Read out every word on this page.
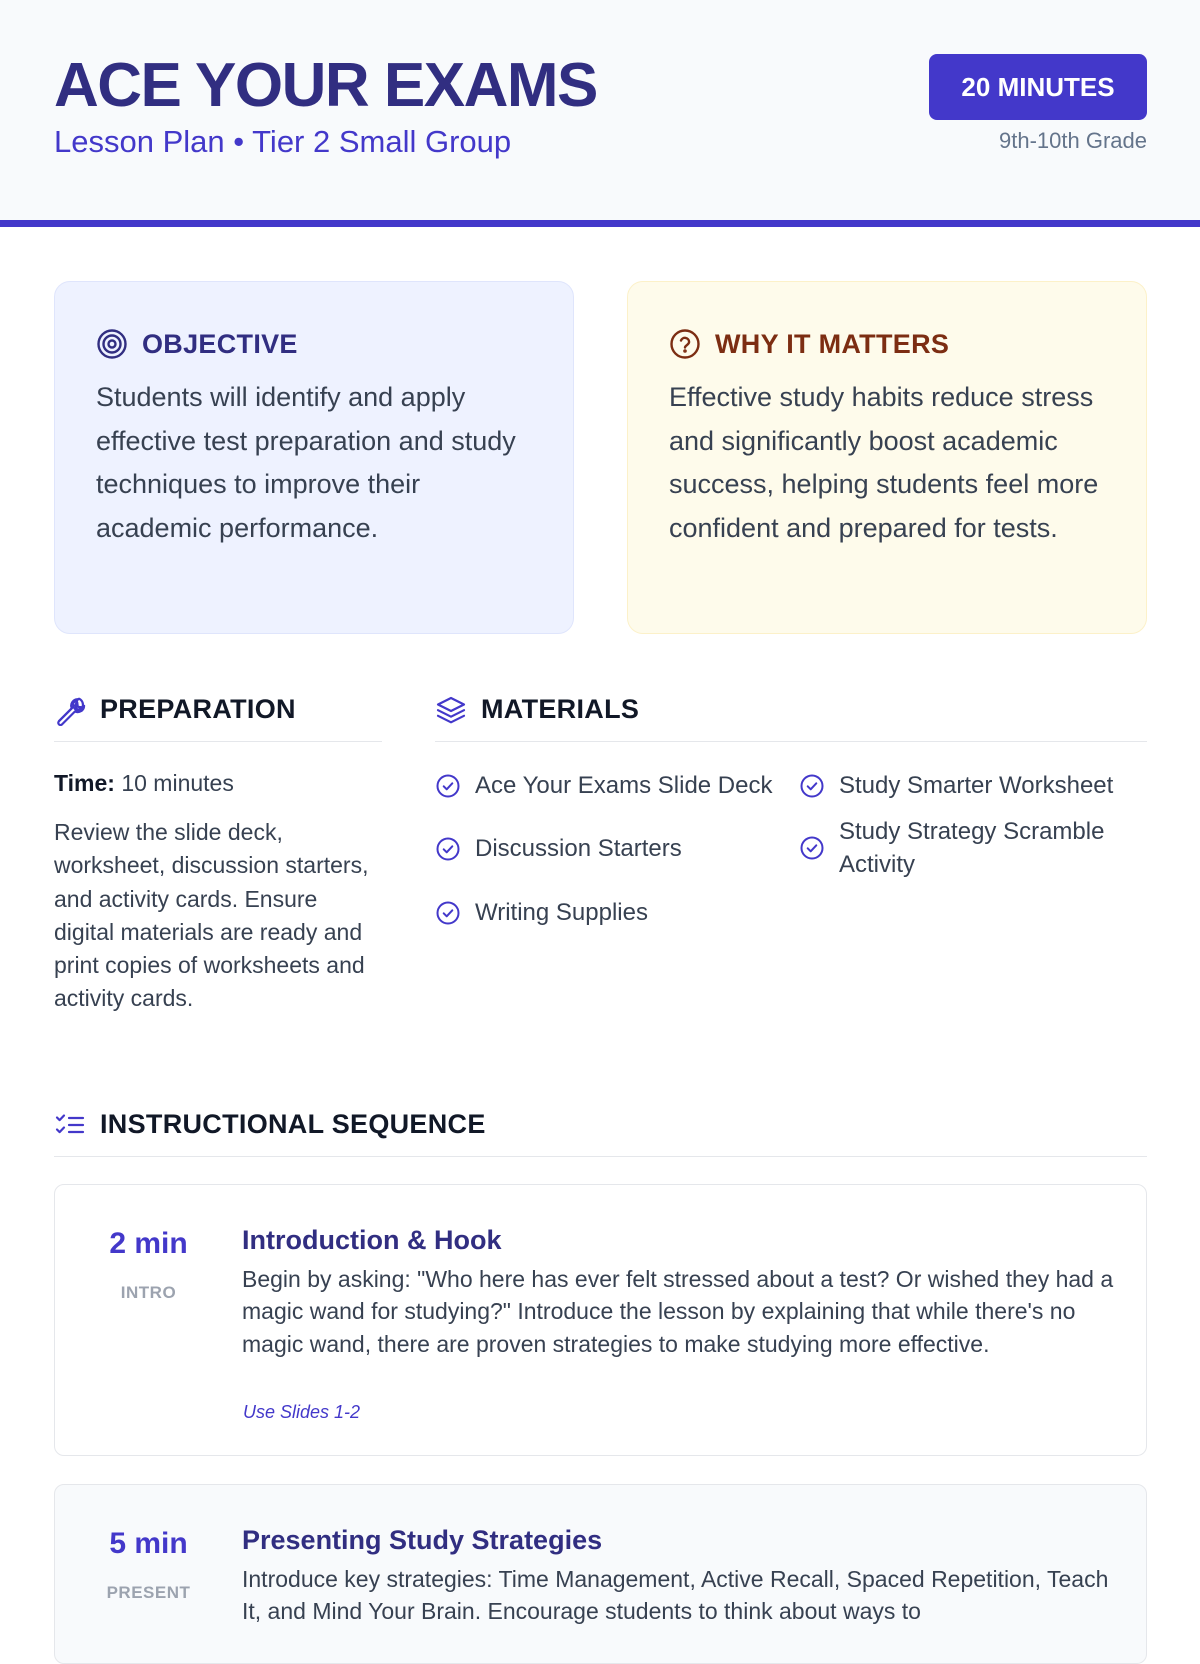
ACE YOUR EXAMS
Lesson Plan • Tier 2 Small Group
20 MINUTES
9th-10th Grade
OBJECTIVE

Students will identify and apply effective test preparation and study techniques to improve their academic performance.

WHY IT MATTERS

Effective study habits reduce stress and significantly boost academic success, helping students feel more confident and prepared for tests.

PREPARATION
Time: 10 minutes

Review the slide deck, worksheet, discussion starters, and activity cards. Ensure digital materials are ready and print copies of worksheets and activity cards.

MATERIALS
Ace Your Exams Slide Deck	Study Smarter Worksheet
Discussion Starters
Study Strategy Scramble Activity
Writing Supplies
INSTRUCTIONAL SEQUENCE
2 min
INTRO
Introduction & Hook

Begin by asking: "Who here has ever felt stressed about a test? Or wished they had a magic wand for studying?" Introduce the lesson by explaining that while there's no magic wand, there are proven strategies to make studying more effective.

Use Slides 1-2
5 min
PRESENT
Presenting Study Strategies

Introduce key strategies: Time Management, Active Recall, Spaced Repetition, Teach It, and Mind Your Brain. Encourage students to think about ways to
